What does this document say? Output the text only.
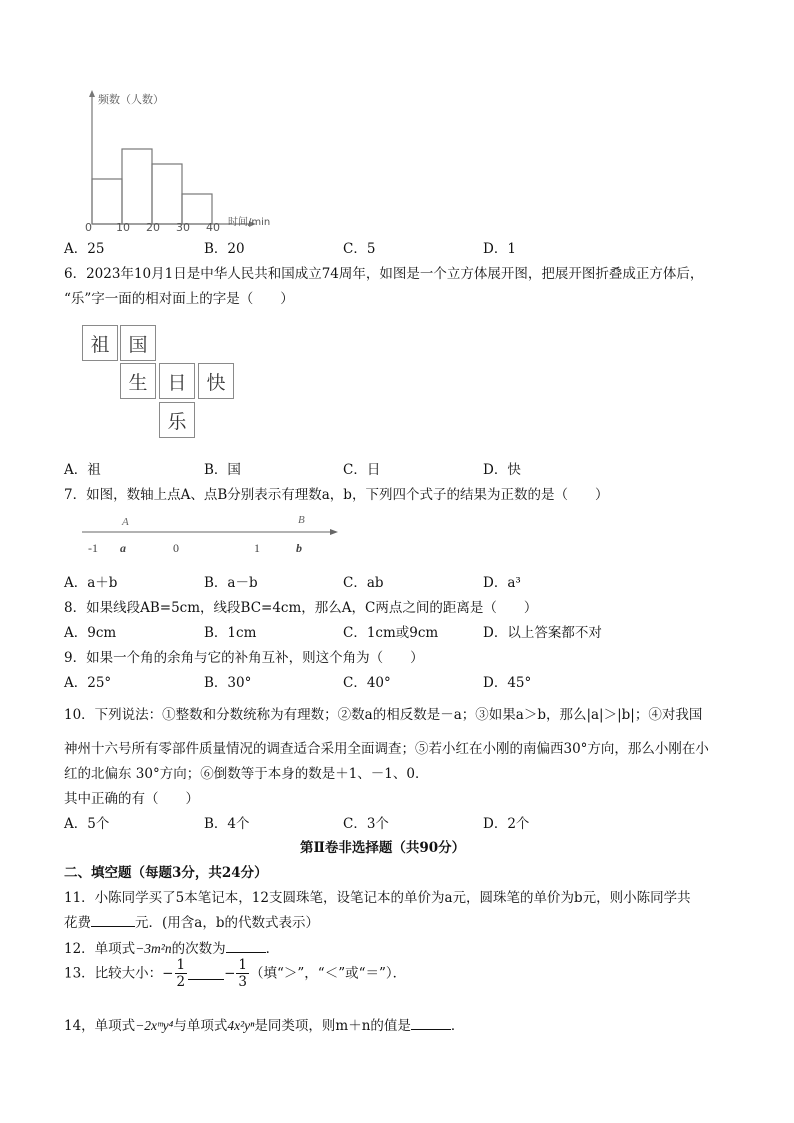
频数（人数）
0 10 20 30 40 时间/min
A．25	B．20	C．5	D．1
6．2023年10月1日是中华人民共和国成立74周年，如图是一个立方体展开图，把展开图折叠成正方体后，
“乐”字一面的相对面上的字是（　　）
祖 国
生	日	快
乐
A．祖	B．国	C．日	D．快
7．如图，数轴上点A、点B分别表示有理数a，b，下列四个式子的结果为正数的是（　　）
A	B
-1 a	0	1	b
A．a＋b	B．a－b	C．ab	D．a³
8．如果线段AB=5cm，线段BC=4cm，那么A，C两点之间的距离是（　　）
A．9cm	B．1cm	C．1cm或9cm	D．以上答案都不对
9．如果一个角的余角与它的补角互补，则这个角为（　　）
A．25°	B．30°	C．40°	D．45°
10．下列说法：①整数和分数统称为有理数；②数a的相反数是－a；③如果a＞b，那么|a|＞|b|；④对我国
神州十六号所有零部件质量情况的调查适合采用全面调查；⑤若小红在小刚的南偏西30°方向，那么小刚在小
红的北偏东 30°方向；⑥倒数等于本身的数是＋1、－1、0．
其中正确的有（　　）
A．5个	B．4个	C．3个	D．2个
第Ⅱ卷非选择题（共90分）
二、填空题（每题3分，共24分）
11．小陈同学买了5本笔记本，12支圆珠笔，设笔记本的单价为a元，圆珠笔的单价为b元，则小陈同学共
花费	元．(用含a，b的代数式表示）
12．单项式−3m²n的次数为	．
13．比较大小：− $\frac{1}{2}$	− $\frac{1}{3}$ （填“＞”，“＜”或“＝”）．
14，单项式−2xᵐy⁴与单项式4x²yⁿ是同类项，则m＋n的值是	．
